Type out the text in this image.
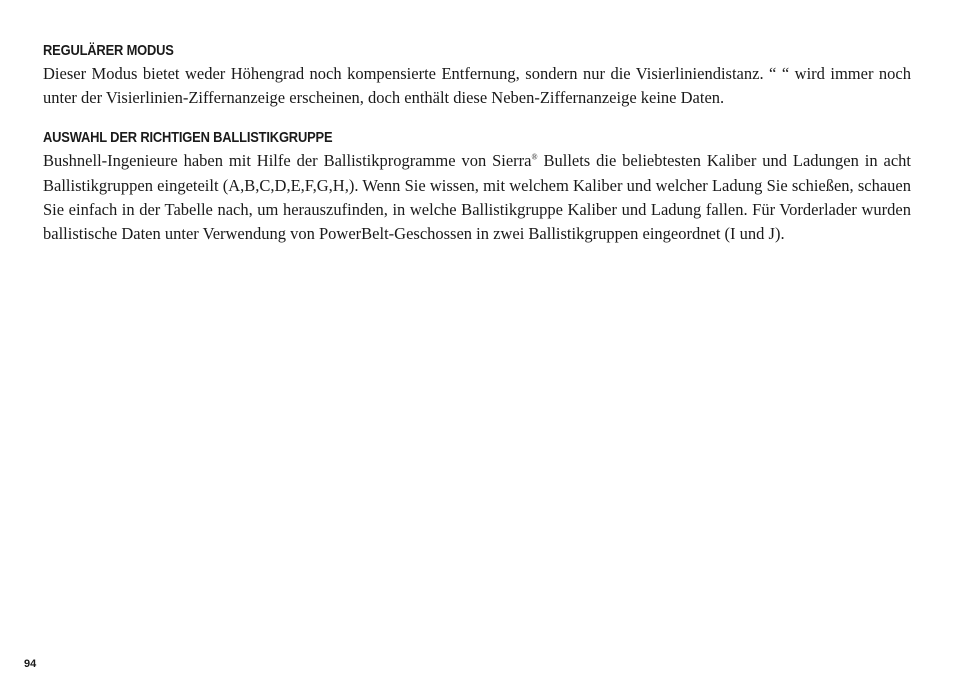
REGULÄRER MODUS

Dieser Modus bietet weder Höhengrad noch kompensierte Entfernung, sondern nur die Visierliniendistanz. “ “ wird immer noch unter der Visierlinien-Ziffernanzeige erscheinen, doch enthält diese Neben-Ziffernanzeige keine Daten.

AUSWAHL DER RICHTIGEN BALLISTIKGRUPPE

Bushnell-Ingenieure haben mit Hilfe der Ballistikprogramme von Sierra® Bullets die beliebtesten Kaliber und Ladungen in acht Ballistikgruppen eingeteilt (A,B,C,D,E,F,G,H,). Wenn Sie wissen, mit welchem Kaliber und welcher Ladung Sie schießen, schauen Sie einfach in der Tabelle nach, um herauszufinden, in welche Ballistikgruppe Kaliber und Ladung fallen. Für Vorderlader wurden ballistische Daten unter Verwendung von PowerBelt-Geschossen in zwei Ballistikgruppen eingeordnet (I und J).

94
